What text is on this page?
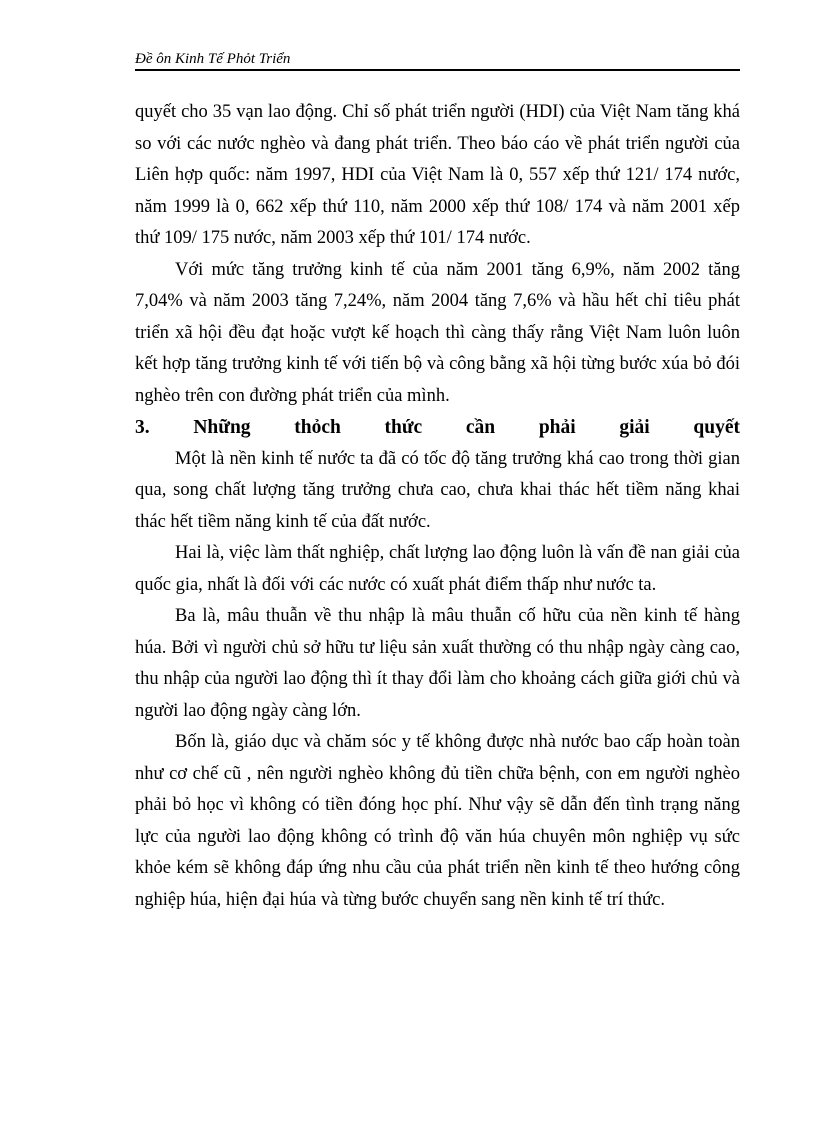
Đề ôn Kinh Tế Phỏt Triển

quyết cho 35 vạn lao động. Chỉ số phát triển người (HDI) của Việt Nam tăng khá so với các nước nghèo và đang phát triển. Theo báo cáo về phát triển người của Liên hợp quốc: năm 1997, HDI của Việt Nam là 0, 557 xếp thứ 121/ 174 nước, năm 1999 là 0, 662 xếp thứ 110, năm 2000 xếp thứ 108/ 174 và năm 2001 xếp thứ 109/ 175 nước, năm 2003 xếp thứ 101/ 174 nước.

Với mức tăng trưởng kinh tế của năm 2001 tăng 6,9%, năm 2002 tăng 7,04% và năm 2003 tăng 7,24%, năm 2004 tăng 7,6% và hầu hết chỉ tiêu phát triển xã hội đều đạt hoặc vượt kế hoạch thì càng thấy rằng Việt Nam luôn luôn kết hợp tăng trưởng kinh tế với tiến bộ và công bằng xã hội từng bước xúa bỏ đói nghèo trên con đường phát triển của mình.

3. Những thỏch thức cần phải giải quyết

Một là nền kinh tế nước ta đã có tốc độ tăng trưởng khá cao trong thời gian qua, song chất lượng tăng trưởng chưa cao, chưa khai thác hết tiềm năng khai thác hết tiềm năng kinh tế của đất nước.

Hai là, việc làm thất nghiệp, chất lượng lao động luôn là vấn đề nan giải của quốc gia, nhất là đối với các nước có xuất phát điểm thấp như nước ta.

Ba là, mâu thuẫn về thu nhập là mâu thuẫn cố hữu của nền kinh tế hàng húa. Bởi vì người chủ sở hữu tư liệu sản xuất thường có thu nhập ngày càng cao, thu nhập của người lao động thì ít thay đổi làm cho khoảng cách giữa giới chủ và người lao động ngày càng lớn.

Bốn là, giáo dục và chăm sóc y tế không được nhà nước bao cấp hoàn toàn như cơ chế cũ , nên người nghèo không đủ tiền chữa bệnh, con em người nghèo phải bỏ học vì không có tiền đóng học phí. Như vậy sẽ dẫn đến tình trạng năng lực của người lao động không có trình độ văn húa chuyên môn nghiệp vụ sức khỏe kém sẽ không đáp ứng nhu cầu của phát triển nền kinh tế theo hướng công nghiệp húa, hiện đại húa và từng bước chuyển sang nền kinh tế trí thức.
